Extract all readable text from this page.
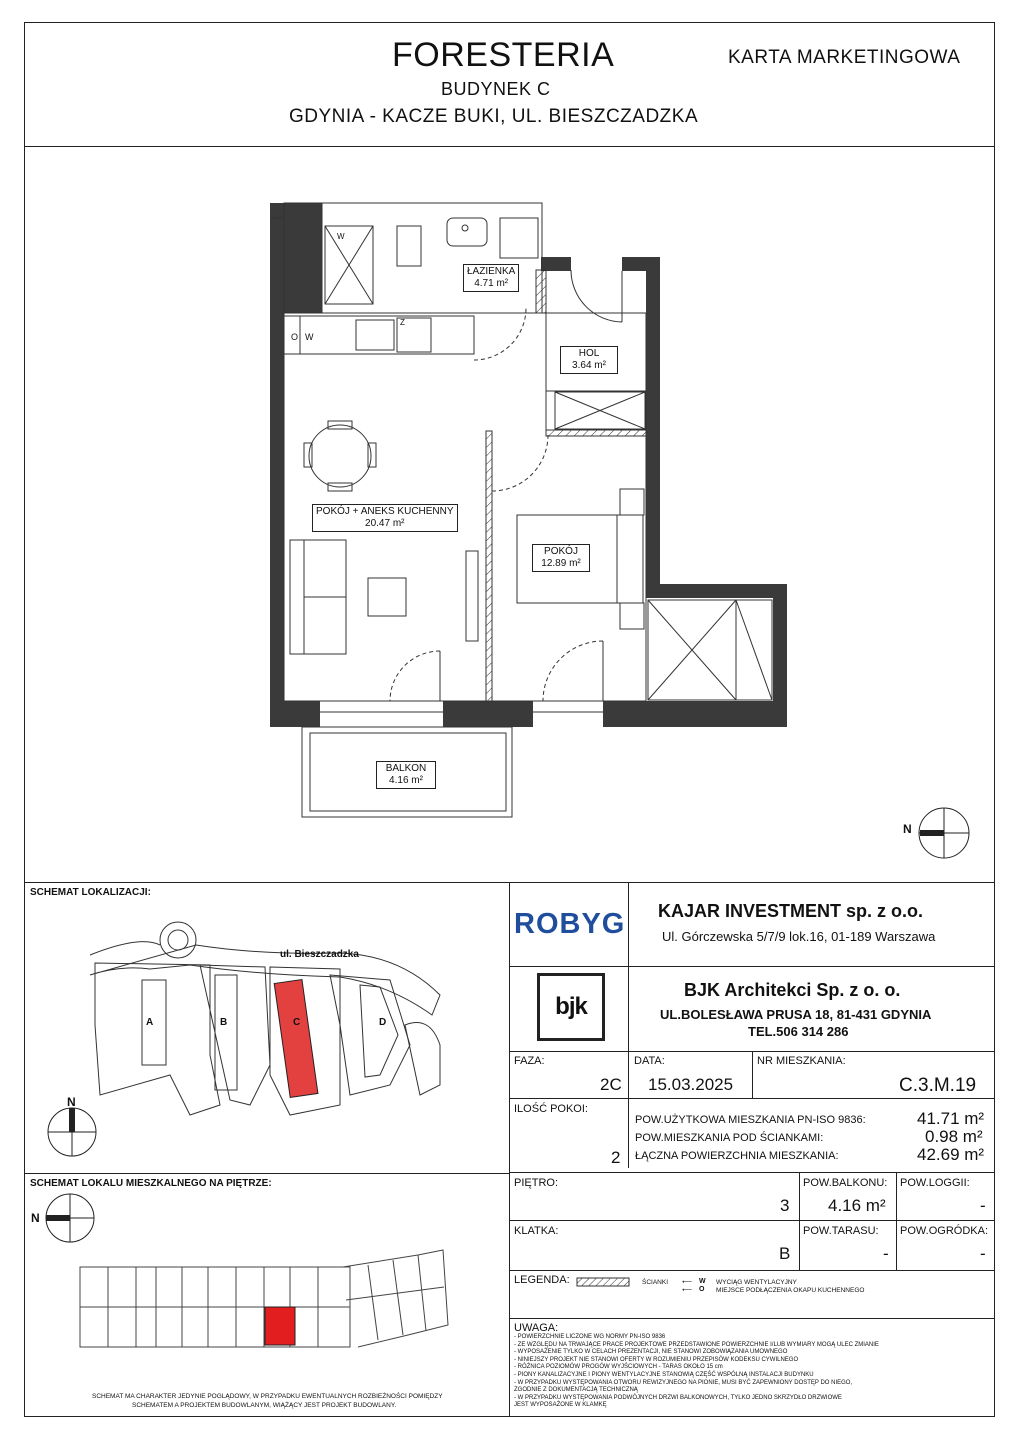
FORESTERIA
BUDYNEK C
GDYNIA - KACZE BUKI, UL. BIESZCZADZKA
KARTA MARKETINGOWA
O W
W
Z
ŁAZIENKA
4.71 m²
HOL
3.64 m²
POKÓJ + ANEKS KUCHENNY
20.47 m²
POKÓJ
12.89 m²
BALKON
4.16 m²
N
SCHEMAT LOKALIZACJI:
ul. Bieszczadzka
A	B	C	D
N
SCHEMAT LOKALU MIESZKALNEGO NA PIĘTRZE:
N
SCHEMAT MA CHARAKTER JEDYNIE POGLĄDOWY, W PRZYPADKU EWENTUALNYCH ROZBIEŻNOŚCI POMIĘDZY
SCHEMATEM A PROJEKTEM BUDOWLANYM, WIĄŻĄCY JEST PROJEKT BUDOWLANY.
ROBYG KAJAR INVESTMENT sp. z o.o.
Ul. Górczewska 5/7/9 lok.16, 01-189 Warszawa
bjk
BJK Architekci Sp. z o. o.
UL.BOLESŁAWA PRUSA 18, 81-431 GDYNIA
TEL.506 314 286
FAZA:
2C
DATA:
15.03.2025
NR MIESZKANIA:
C.3.M.19
ILOŚĆ POKOI:
2
POW.UŻYTKOWA MIESZKANIA PN-ISO 9836:	41.71 m²
POW.MIESZKANIA POD ŚCIANKAMI:	0.98 m²
ŁĄCZNA POWIERZCHNIA MIESZKANIA:	42.69 m²
PIĘTRO:
3
POW.BALKONU:
4.16 m²
POW.LOGGII:
-
KLATKA:
B
POW.TARASU:
-
POW.OGRÓDKA:
-
LEGENDA:	ŚCIANKI ⟵ W
⟵ O
WYCIĄG WENTYLACYJNY
MIEJSCE PODŁĄCZENIA OKAPU KUCHENNEGO
UWAGA:
- POWIERZCHNIE LICZONE WG NORMY PN-ISO 9836
- ZE WZGLĘDU NA TRWAJĄCE PRACE PROJEKTOWE PRZEDSTAWIONE POWIERZCHNIE I/LUB WYMIARY MOGĄ ULEC ZMIANIE
- WYPOSAŻENIE TYLKO W CELACH PREZENTACJI, NIE STANOWI ZOBOWIĄZANIA UMOWNEGO
- NINIEJSZY PROJEKT NIE STANOWI OFERTY W ROZUMIENIU PRZEPISÓW KODEKSU CYWILNEGO
- RÓŻNICA POZIOMÓW PROGÓW WYJŚCIOWYCH - TARAS OKOŁO 15 cm
- PIONY KANALIZACYJNE I PIONY WENTYLACYJNE STANOWIĄ CZĘŚĆ WSPÓLNĄ INSTALACJI BUDYNKU
- W PRZYPADKU WYSTĘPOWANIA OTWORU REWIZYJNEGO NA PIONIE, MUSI BYĆ ZAPEWNIONY DOSTĘP DO NIEGO,
ZGODNIE Z DOKUMENTACJĄ TECHNICZNĄ
- W PRZYPADKU WYSTĘPOWANIA PODWÓJNYCH DRZWI BALKONOWYCH, TYLKO JEDNO SKRZYDŁO DRZWIOWE
JEST WYPOSAŻONE W KLAMKĘ
